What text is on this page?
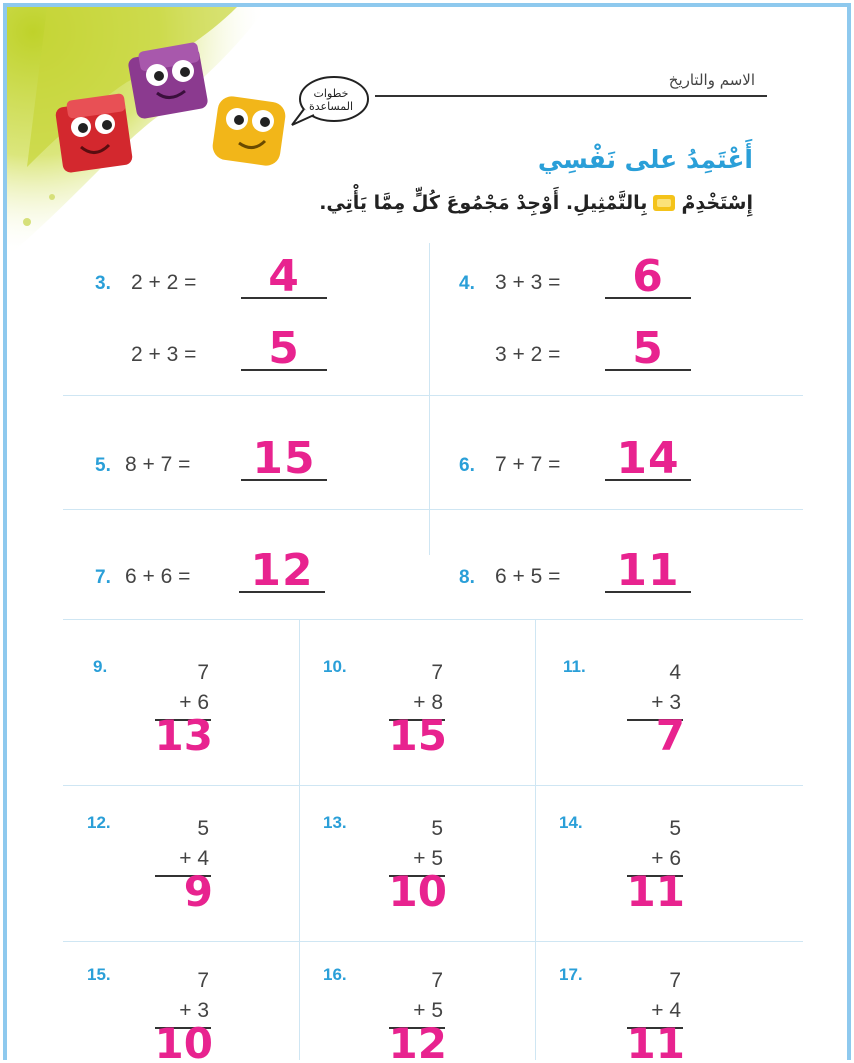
خطوات المساعدة
الاسم والتاريخ
أَعْتَمِدُ على نَفْسِي
إِسْتَخْدِمْ
بِالتَّمْثِيلِ. أَوْجِدْ مَجْمُوعَ كُلٍّ مِمَّا يَأْتِي.
3. 2 + 2 =	4
2 + 3 =	5
4. 3 + 3 =	6
3 + 2 =	5
5. 8 + 7 = 15	6. 7 + 7 = 14
7. 6 + 6 = 12	8. 6 + 5 = 11
9.	7
+ 6
13
10.	7
+ 8
15
11.	4
+ 3
7
12.	5
+ 4
9
13.	5
+ 5
10
14.	5
+ 6
11
15.	7
+ 3
10
16.	7
+ 5
12
17.	7
+ 4
11
